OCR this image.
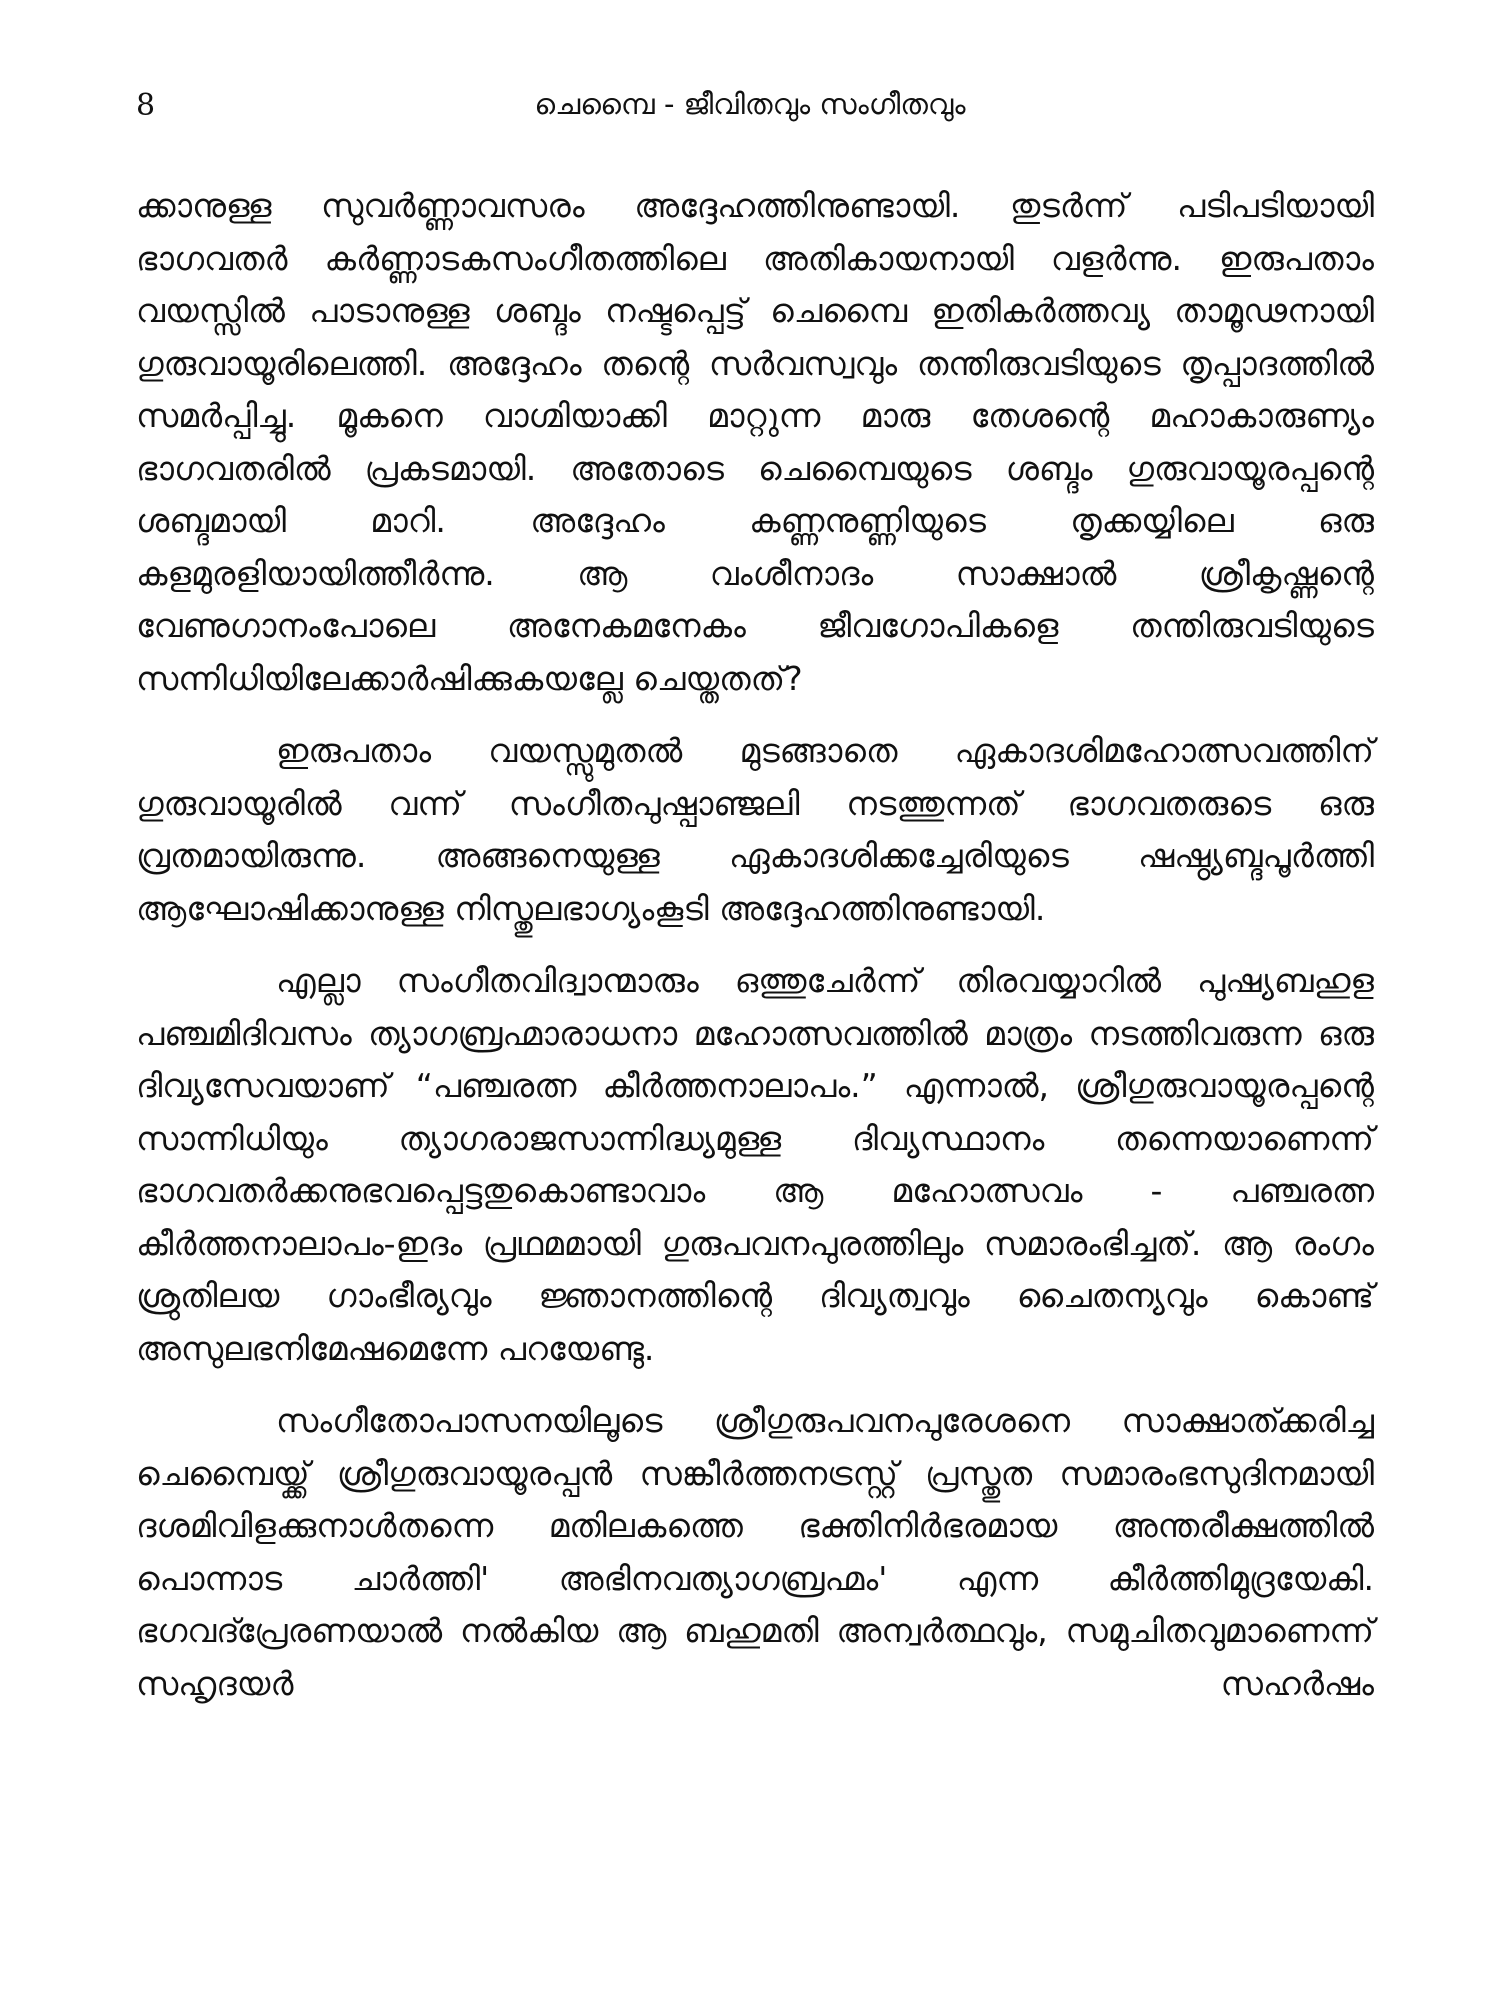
8	ചെമ്പൈ - ജീവിതവും സംഗീതവും

ക്കാനുള്ള സുവർണ്ണാവസരം അദ്ദേഹത്തിനുണ്ടായി. തുടർന്ന് പടിപടിയായി ഭാഗവതർ കർണ്ണാടകസംഗീതത്തിലെ അതികായനായി വളർന്നു. ഇരുപതാം വയസ്സിൽ പാടാനുള്ള ശബ്ദം നഷ്ടപ്പെട്ട് ചെമ്പൈ ഇതികർത്തവ്യ താമൂഢനായി ഗുരുവായൂരിലെത്തി. അദ്ദേഹം തന്റെ സർവസ്വവും തന്തിരുവടിയുടെ തൃപ്പാദത്തിൽ സമർപ്പിച്ചു. മൂകനെ വാഗ്മിയാക്കി മാറ്റുന്ന മാരു തേശന്റെ മഹാകാരുണ്യം ഭാഗവതരിൽ പ്രകടമായി. അതോടെ ചെമ്പൈയുടെ ശബ്ദം ഗുരുവായൂരപ്പന്റെ ശബ്ദമായി മാറി. അദ്ദേഹം കണ്ണനുണ്ണിയുടെ തൃക്കയ്യിലെ ഒരു കളമുരളിയായിത്തീർന്നു. ആ വംശീനാദം സാക്ഷാൽ ശ്രീകൃഷ്ണന്റെ വേണുഗാനംപോലെ അനേകമനേകം ജീവഗോപികളെ തന്തിരുവടിയുടെ സന്നിധിയിലേക്കാർഷിക്കുകയല്ലേ ചെയ്തതത്?

ഇരുപതാം വയസ്സുമുതൽ മുടങ്ങാതെ ഏകാദശിമഹോത്സവത്തിന് ഗുരുവായൂരിൽ വന്ന് സംഗീതപുഷ്പാഞ്ജലി നടത്തുന്നത് ഭാഗവതരുടെ ഒരു വ്രതമായിരുന്നു. അങ്ങനെയുള്ള ഏകാദശിക്കച്ചേരിയുടെ ഷഷ്ഠ്യബ്ദപൂർത്തി ആഘോഷിക്കാനുള്ള നിസ്തുലഭാഗ്യംകൂടി അദ്ദേഹത്തിനുണ്ടായി.

എല്ലാ സംഗീതവിദ്വാന്മാരും ഒത്തുചേർന്ന് തിരവയ്യാറിൽ പുഷ്യബഹുള പഞ്ചമിദിവസം ത്യാഗബ്രഹ്മാരാധനാ മഹോത്സവത്തിൽ മാത്രം നടത്തിവരുന്ന ഒരു ദിവ്യസേവയാണ് “പഞ്ചരത്ന കീർത്തനാലാപം.” എന്നാൽ, ശ്രീഗുരുവായൂരപ്പന്റെ സാന്നിധിയും ത്യാഗരാജസാന്നിദ്ധ്യമുള്ള ദിവ്യസ്ഥാനം തന്നെയാണെന്ന് ഭാഗവതർക്കനുഭവപ്പെട്ടതുകൊണ്ടാവാം ആ മഹോത്സവം - പഞ്ചരത്ന കീർത്തനാലാപം-ഇദം പ്രഥമമായി ഗുരുപവനപുരത്തിലും സമാരംഭിച്ചത്. ആ രംഗം ശ്രുതിലയ ഗാംഭീര്യവും ജ്ഞാനത്തിന്റെ ദിവ്യത്വവും ചൈതന്യവും കൊണ്ട് അസുലഭനിമേഷമെന്നേ പറയേണ്ടു.

സംഗീതോപാസനയിലൂടെ ശ്രീഗുരുപവനപുരേശനെ സാക്ഷാത്ക്കരിച്ച ചെമ്പൈയ്ക്ക് ശ്രീഗുരുവായൂരപ്പൻ സങ്കീർത്തനട്രസ്റ്റ് പ്രസ്തുത സമാരംഭസുദിനമായി ദശമിവിളക്കുനാൾതന്നെ മതിലകത്തെ ഭക്തിനിർഭരമായ അന്തരീക്ഷത്തിൽ പൊന്നാട ചാർത്തി' അഭിനവത്യാഗബ്രഹ്മം' എന്ന കീർത്തിമുദ്രയേകി. ഭഗവദ്പ്രേരണയാൽ നൽകിയ ആ ബഹുമതി അന്വർത്ഥവും, സമുചിതവുമാണെന്ന് സഹൃദയർ സഹർഷം
